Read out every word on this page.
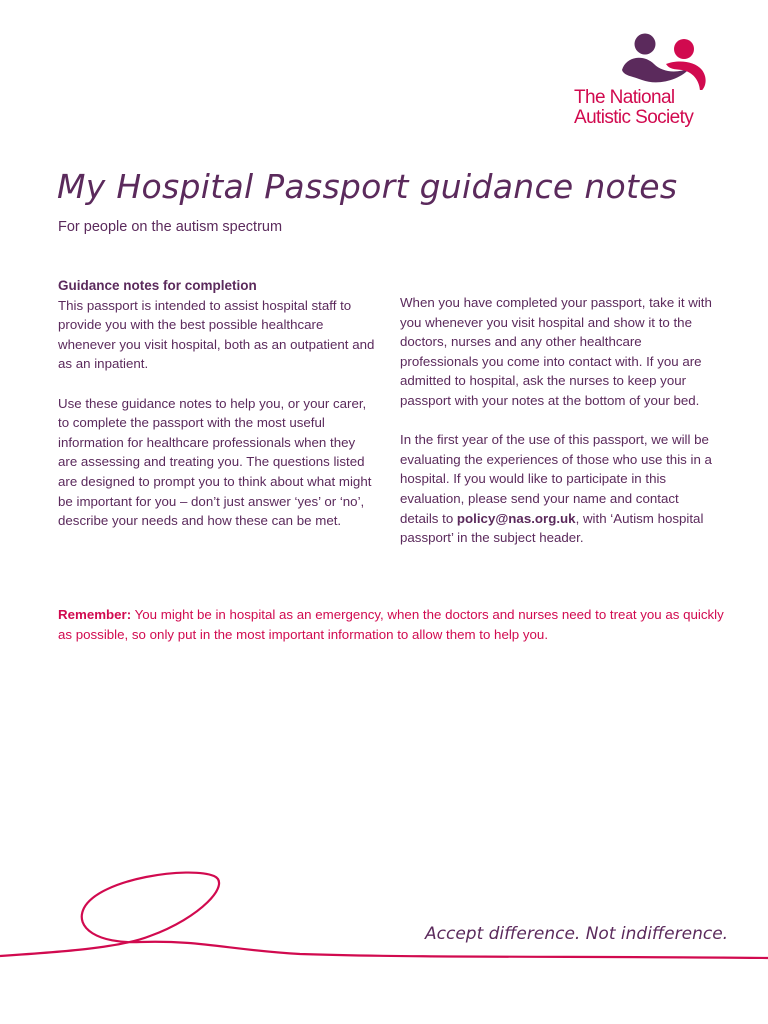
The National
Autistic Society
My Hospital Passport guidance notes
For people on the autism spectrum
Guidance notes for completion

This passport is intended to assist hospital staff to provide you with the best possible healthcare whenever you visit hospital, both as an outpatient and as an inpatient.

Use these guidance notes to help you, or your carer, to complete the passport with the most useful information for healthcare professionals when they are assessing and treating you. The questions listed are designed to prompt you to think about what might be important for you – don’t just answer ‘yes’ or ‘no’, describe your needs and how these can be met.

When you have completed your passport, take it with you whenever you visit hospital and show it to the doctors, nurses and any other healthcare professionals you come into contact with. If you are admitted to hospital, ask the nurses to keep your passport with your notes at the bottom of your bed.

In the first year of the use of this passport, we will be evaluating the experiences of those who use this in a hospital. If you would like to participate in this evaluation, please send your name and contact details to policy@nas.org.uk, with ‘Autism hospital passport’ in the subject header.

Remember: You might be in hospital as an emergency, when the doctors and nurses need to treat you as quickly as possible, so only put in the most important information to allow them to help you.
Accept difference. Not indifference.
